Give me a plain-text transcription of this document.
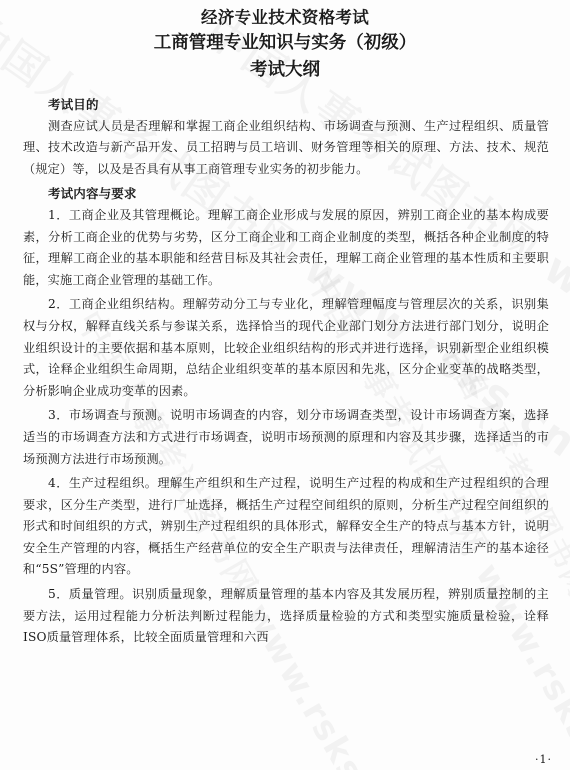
经济专业技术资格考试
工商管理专业知识与实务（初级）
考试大纲
考试目的

测查应试人员是否理解和掌握工商企业组织结构、市场调查与预测、生产过程组织、质量管理、技术改造与新产品开发、员工招聘与员工培训、财务管理等相关的原理、方法、技术、规范（规定）等，以及是否具有从事工商管理专业实务的初步能力。

考试内容与要求

1．工商企业及其管理概论。理解工商企业形成与发展的原因，辨别工商企业的基本构成要素，分析工商企业的优势与劣势，区分工商企业和工商企业制度的类型，概括各种企业制度的特征，理解工商企业的基本职能和经营目标及其社会责任，理解工商企业管理的基本性质和主要职能，实施工商企业管理的基础工作。

2．工商企业组织结构。理解劳动分工与专业化，理解管理幅度与管理层次的关系，识别集权与分权，解释直线关系与参谋关系，选择恰当的现代企业部门划分方法进行部门划分，说明企业组织设计的主要依据和基本原则，比较企业组织结构的形式并进行选择，识别新型企业组织模式，诠释企业组织生命周期，总结企业组织变革的基本原因和先兆，区分企业变革的战略类型，分析影响企业成功变革的因素。

3．市场调查与预测。说明市场调查的内容，划分市场调查类型，设计市场调查方案，选择适当的市场调查方法和方式进行市场调查，说明市场预测的原理和内容及其步骤，选择适当的市场预测方法进行市场预测。

4．生产过程组织。理解生产组织和生产过程，说明生产过程的构成和生产过程组织的合理要求，区分生产类型，进行厂址选择，概括生产过程空间组织的原则，分析生产过程空间组织的形式和时间组织的方式，辨别生产过程组织的具体形式，解释安全生产的特点与基本方针，说明安全生产管理的内容，概括生产经营单位的安全生产职责与法律责任，理解清洁生产的基本途径和“5S”管理的内容。

5．质量管理。识别质量现象，理解质量管理的基本内容及其发展历程，辨别质量控制的主要方法，运用过程能力分析法判断过程能力，选择质量检验的方式和类型实施质量检验，诠释ISO质量管理体系，比较全面质量管理和六西

·1·
